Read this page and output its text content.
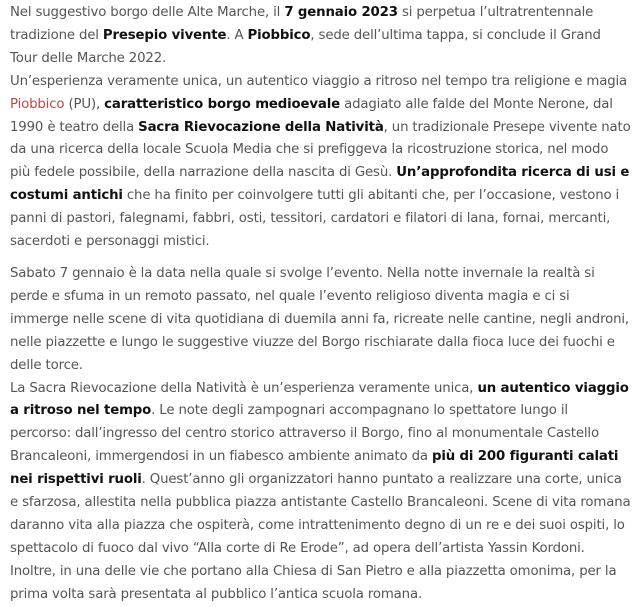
Nel suggestivo borgo delle Alte Marche, il 7 gennaio 2023 si perpetua l’ultratrentennale tradizione del Presepio vivente. A Piobbico, sede dell’ultima tappa, si conclude il Grand Tour delle Marche 2022.

Un’esperienza veramente unica, un autentico viaggio a ritroso nel tempo tra religione e magia Piobbico (PU), caratteristico borgo medioevale adagiato alle falde del Monte Nerone, dal 1990 è teatro della Sacra Rievocazione della Natività, un tradizionale Presepe vivente nato da una ricerca della locale Scuola Media che si prefiggeva la ricostruzione storica, nel modo più fedele possibile, della narrazione della nascita di Gesù. Un’approfondita ricerca di usi e costumi antichi che ha finito per coinvolgere tutti gli abitanti che, per l’occasione, vestono i panni di pastori, falegnami, fabbri, osti, tessitori, cardatori e filatori di lana, fornai, mercanti, sacerdoti e personaggi mistici.

Sabato 7 gennaio è la data nella quale si svolge l’evento. Nella notte invernale la realtà si perde e sfuma in un remoto passato, nel quale l’evento religioso diventa magia e ci si immerge nelle scene di vita quotidiana di duemila anni fa, ricreate nelle cantine, negli androni, nelle piazzette e lungo le suggestive viuzze del Borgo rischiarate dalla fioca luce dei fuochi e delle torce.

La Sacra Rievocazione della Natività è un’esperienza veramente unica, un autentico viaggio a ritroso nel tempo. Le note degli zampognari accompagnano lo spettatore lungo il percorso: dall’ingresso del centro storico attraverso il Borgo, fino al monumentale Castello Brancaleoni, immergendosi in un fiabesco ambiente animato da più di 200 figuranti calati nei rispettivi ruoli. Quest’anno gli organizzatori hanno puntato a realizzare una corte, unica e sfarzosa, allestita nella pubblica piazza antistante Castello Brancaleoni. Scene di vita romana daranno vita alla piazza che ospiterà, come intrattenimento degno di un re e dei suoi ospiti, lo spettacolo di fuoco dal vivo “Alla corte di Re Erode”, ad opera dell’artista Yassin Kordoni. Inoltre, in una delle vie che portano alla Chiesa di San Pietro e alla piazzetta omonima, per la prima volta sarà presentata al pubblico l’antica scuola romana.
